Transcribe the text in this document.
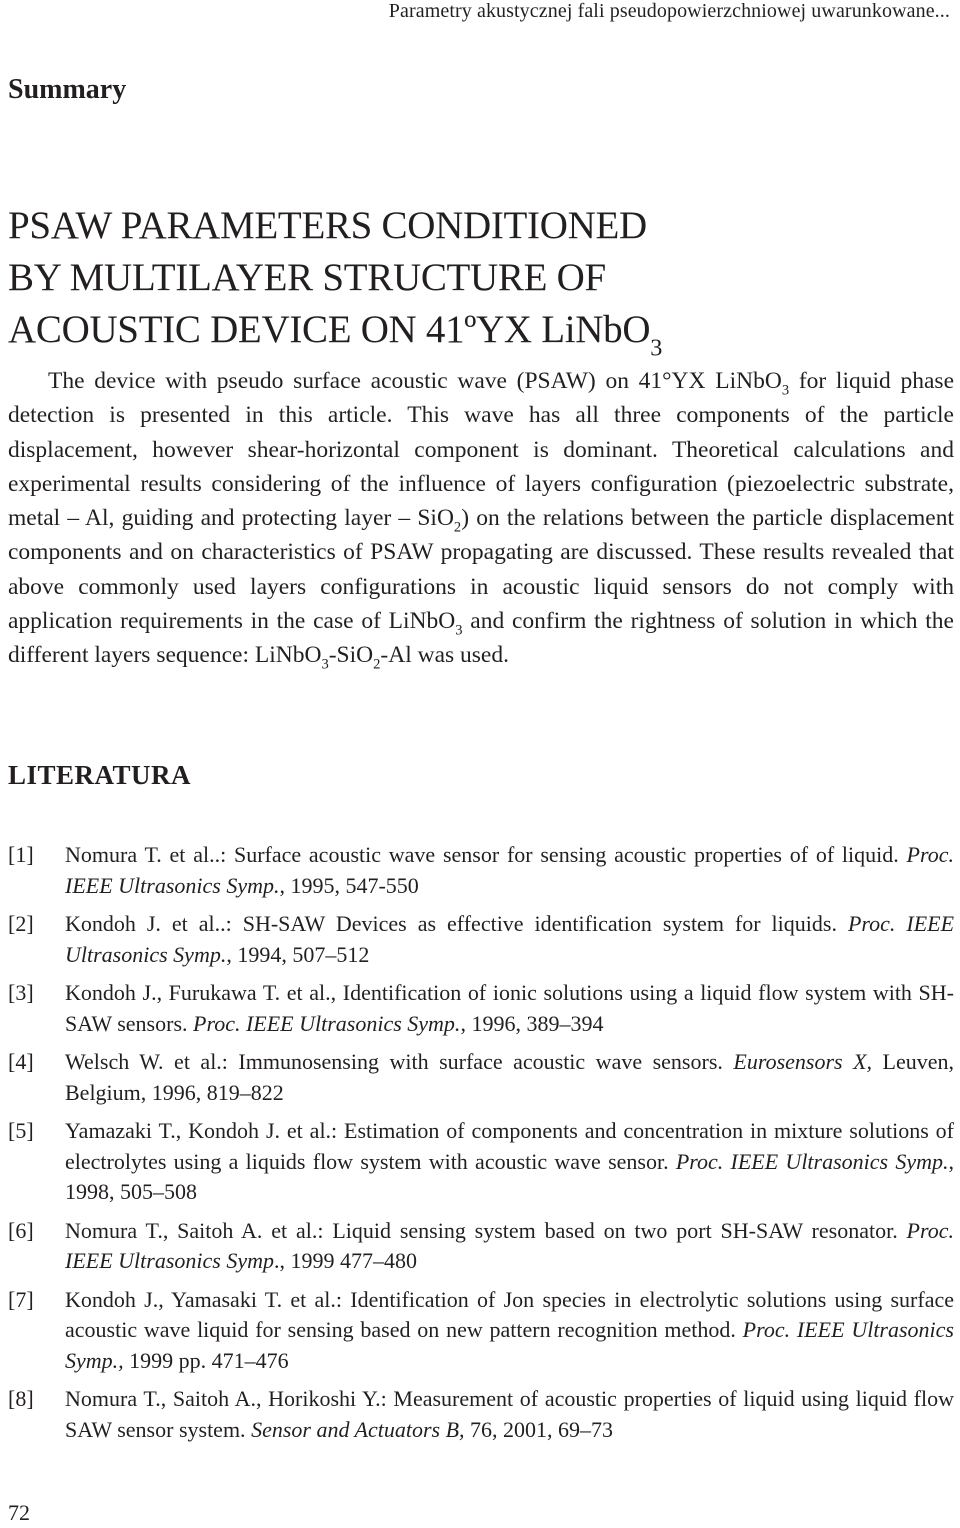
Parametry akustycznej fali pseudopowierzchniowej uwarunkowane...
Summary
PSAW PARAMETERS CONDITIONED
BY MULTILAYER STRUCTURE OF
ACOUSTIC DEVICE ON 41ºYX LiNbO$_3$
The device with pseudo surface acoustic wave (PSAW) on 41°YX LiNbO$_3$ for liquid phase detection is presented in this article. This wave has all three components of the particle displacement, however shear-horizontal component is dominant. Theoretical calculations and experimental results considering of the influence of layers configuration (piezoelectric substrate, metal – Al, guiding and protecting layer – SiO$_2$) on the relations between the particle displacement components and on characteristics of PSAW propagating are discussed. These results revealed that above commonly used layers configurations in acoustic liquid sensors do not comply with application requirements in the case of LiNbO$_3$ and confirm the rightness of solution in which the different layers sequence: LiNbO$_3$-SiO$_2$-Al was used.
LITERATURA
[1] Nomura T. et al..: Surface acoustic wave sensor for sensing acoustic properties of of liquid. Proc. IEEE Ultrasonics Symp., 1995, 547-550
[2] Kondoh J. et al..: SH-SAW Devices as effective identification system for liquids. Proc. IEEE Ultrasonics Symp., 1994, 507–512
[3] Kondoh J., Furukawa T. et al., Identification of ionic solutions using a liquid flow system with SH-SAW sensors. Proc. IEEE Ultrasonics Symp., 1996, 389–394
[4] Welsch W. et al.: Immunosensing with surface acoustic wave sensors. Eurosensors X, Leuven, Belgium, 1996, 819–822
[5] Yamazaki T., Kondoh J. et al.: Estimation of components and concentration in mixture solutions of electrolytes using a liquids flow system with acoustic wave sensor. Proc. IEEE Ultrasonics Symp., 1998, 505–508
[6] Nomura T., Saitoh A. et al.: Liquid sensing system based on two port SH-SAW resonator. Proc. IEEE Ultrasonics Symp., 1999 477–480
[7] Kondoh J., Yamasaki T. et al.: Identification of Jon species in electrolytic solutions using surface acoustic wave liquid for sensing based on new pattern recognition method. Proc. IEEE Ultrasonics Symp., 1999 pp. 471–476
[8] Nomura T., Saitoh A., Horikoshi Y.: Measurement of acoustic properties of liquid using liquid flow SAW sensor system. Sensor and Actuators B, 76, 2001, 69–73
72
